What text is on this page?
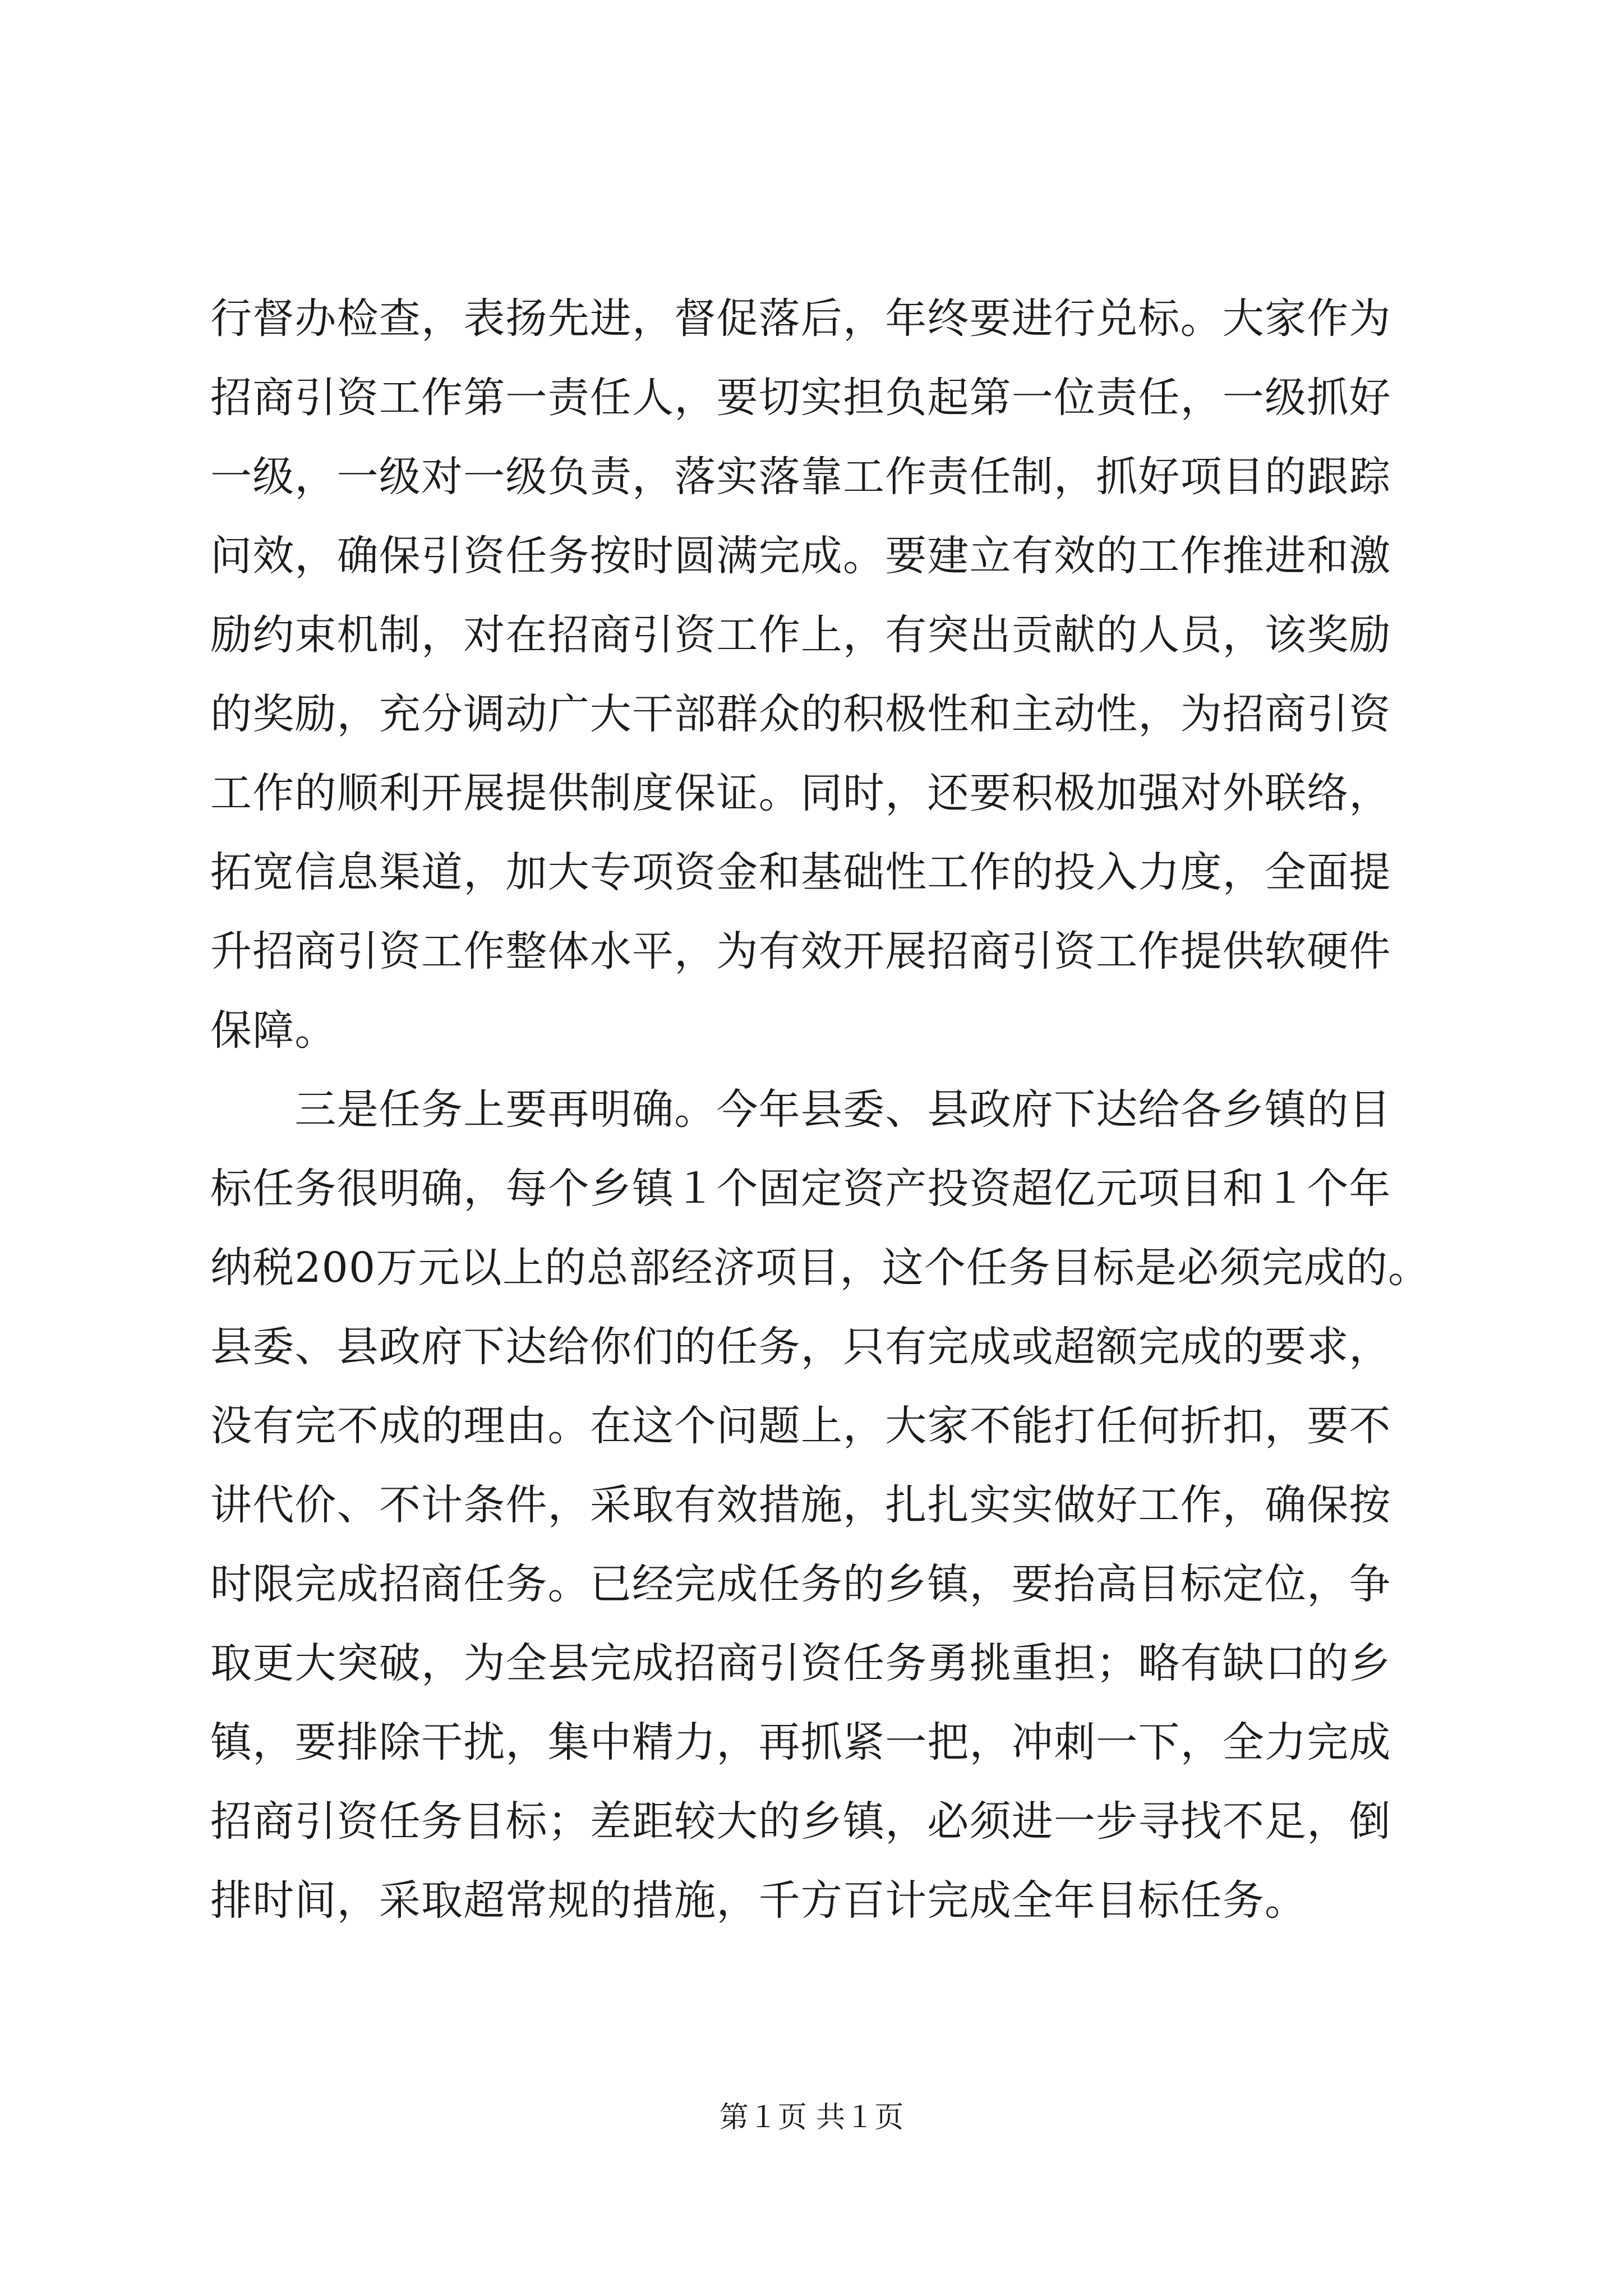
行督办检查，表扬先进，督促落后，年终要进行兑标。大家作为
招商引资工作第一责任人，要切实担负起第一位责任，一级抓好
一级，一级对一级负责，落实落靠工作责任制，抓好项目的跟踪
问效，确保引资任务按时圆满完成。要建立有效的工作推进和激
励约束机制，对在招商引资工作上，有突出贡献的人员，该奖励
的奖励，充分调动广大干部群众的积极性和主动性，为招商引资
工作的顺利开展提供制度保证。同时，还要积极加强对外联络，
拓宽信息渠道，加大专项资金和基础性工作的投入力度，全面提
升招商引资工作整体水平，为有效开展招商引资工作提供软硬件
保障。
　　三是任务上要再明确。今年县委、县政府下达给各乡镇的目
标任务很明确，每个乡镇１个固定资产投资超亿元项目和１个年
纳税200万元以上的总部经济项目，这个任务目标是必须完成的。
县委、县政府下达给你们的任务，只有完成或超额完成的要求，
没有完不成的理由。在这个问题上，大家不能打任何折扣，要不
讲代价、不计条件，采取有效措施，扎扎实实做好工作，确保按
时限完成招商任务。已经完成任务的乡镇，要抬高目标定位，争
取更大突破，为全县完成招商引资任务勇挑重担；略有缺口的乡
镇，要排除干扰，集中精力，再抓紧一把，冲刺一下，全力完成
招商引资任务目标；差距较大的乡镇，必须进一步寻找不足，倒
排时间，采取超常规的措施，千方百计完成全年目标任务。
第１页 共１页
